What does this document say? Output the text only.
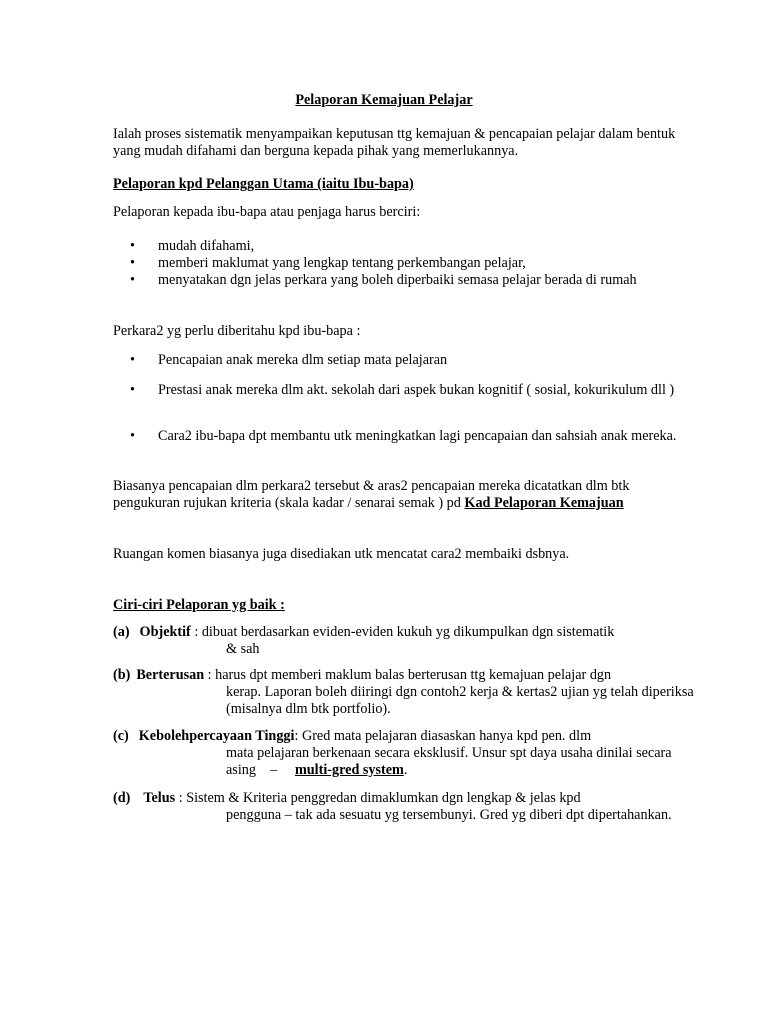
Pelaporan Kemajuan Pelajar

Ialah proses sistematik menyampaikan keputusan ttg kemajuan & pencapaian pelajar dalam bentuk yang mudah difahami dan berguna kepada pihak yang memerlukannya.

Pelaporan kpd Pelanggan Utama (iaitu Ibu-bapa)

Pelaporan kepada ibu-bapa atau penjaga harus berciri:

• mudah difahami,
• memberi maklumat yang lengkap tentang perkembangan pelajar,
• menyatakan dgn jelas perkara yang boleh diperbaiki semasa pelajar berada di rumah

Perkara2 yg perlu diberitahu kpd ibu-bapa :

• Pencapaian anak mereka dlm setiap mata pelajaran
• Prestasi anak mereka dlm akt. sekolah dari aspek bukan kognitif ( sosial, kokurikulum dll )
• Cara2 ibu-bapa dpt membantu utk meningkatkan lagi pencapaian dan sahsiah anak mereka.

Biasanya pencapaian dlm perkara2 tersebut & aras2 pencapaian mereka dicatatkan dlm btk pengukuran rujukan kriteria (skala kadar / senarai semak ) pd Kad Pelaporan Kemajuan

Ruangan komen biasanya juga disediakan utk mencatat cara2 membaiki dsbnya.

Ciri-ciri Pelaporan yg baik :

(a) Objektif : dibuat berdasarkan eviden-eviden kukuh yg dikumpulkan dgn sistematik
& sah
(b) Berterusan : harus dpt memberi maklum balas berterusan ttg kemajuan pelajar dgn
kerap. Laporan boleh diiringi dgn contoh2 kerja & kertas2 ujian yg telah diperiksa (misalnya dlm btk portfolio).
(c) Kebolehpercayaan Tinggi: Gred mata pelajaran diasaskan hanya kpd pen. dlm
mata pelajaran berkenaan secara eksklusif. Unsur spt daya usaha dinilai secara asing – multi-gred system.
(d) Telus : Sistem & Kriteria penggredan dimaklumkan dgn lengkap & jelas kpd
pengguna – tak ada sesuatu yg tersembunyi. Gred yg diberi dpt dipertahankan.
